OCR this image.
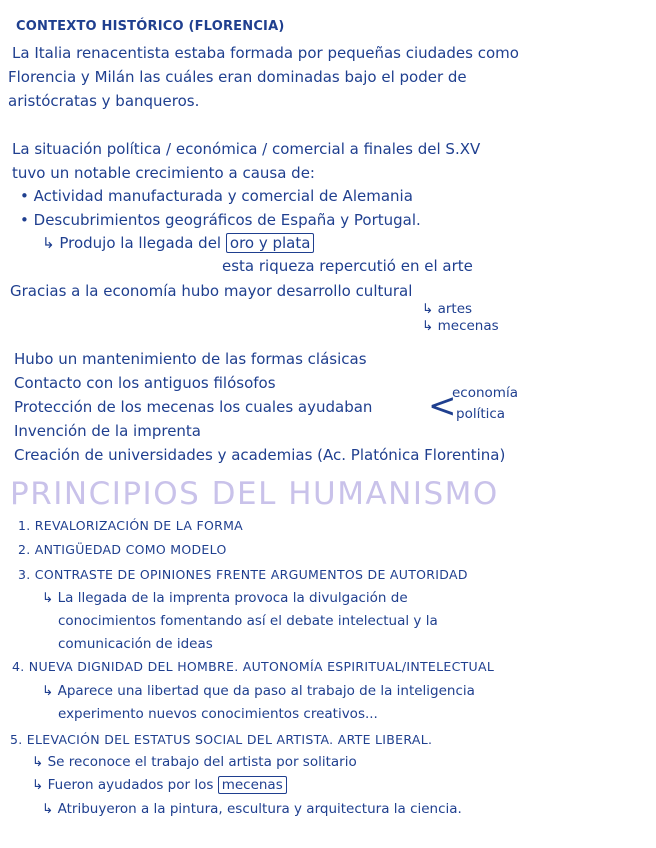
CONTEXTO HISTÓRICO (FLORENCIA)
La Italia renacentista estaba formada por pequeñas ciudades como
Florencia y Milán las cuáles eran dominadas bajo el poder de
aristócratas y banqueros.
La situación política / económica / comercial a finales del S.XV
tuvo un notable crecimiento a causa de:
• Actividad manufacturada y comercial de Alemania
• Descubrimientos geográficos de España y Portugal.
↳ Produjo la llegada del oro y plata
esta riqueza repercutió en el arte
Gracias a la economía hubo mayor desarrollo cultural
↳ artes
↳ mecenas
Hubo un mantenimiento de las formas clásicas
Contacto con los antiguos filósofos
Protección de los mecenas los cuales ayudaban <
economía
política
Invención de la imprenta
Creación de universidades y academias (Ac. Platónica Florentina)
PRINCIPIOS DEL HUMANISMO
1. REVALORIZACIÓN DE LA FORMA
2. ANTIGÜEDAD COMO MODELO
3. CONTRASTE DE OPINIONES FRENTE ARGUMENTOS DE AUTORIDAD
↳ La llegada de la imprenta provoca la divulgación de
conocimientos fomentando así el debate intelectual y la
comunicación de ideas
4. NUEVA DIGNIDAD DEL HOMBRE. AUTONOMÍA ESPIRITUAL/INTELECTUAL
↳ Aparece una libertad que da paso al trabajo de la inteligencia
experimento nuevos conocimientos creativos...
5. ELEVACIÓN DEL ESTATUS SOCIAL DEL ARTISTA. ARTE LIBERAL.
↳ Se reconoce el trabajo del artista por solitario
↳ Fueron ayudados por los mecenas
↳ Atribuyeron a la pintura, escultura y arquitectura la ciencia.
